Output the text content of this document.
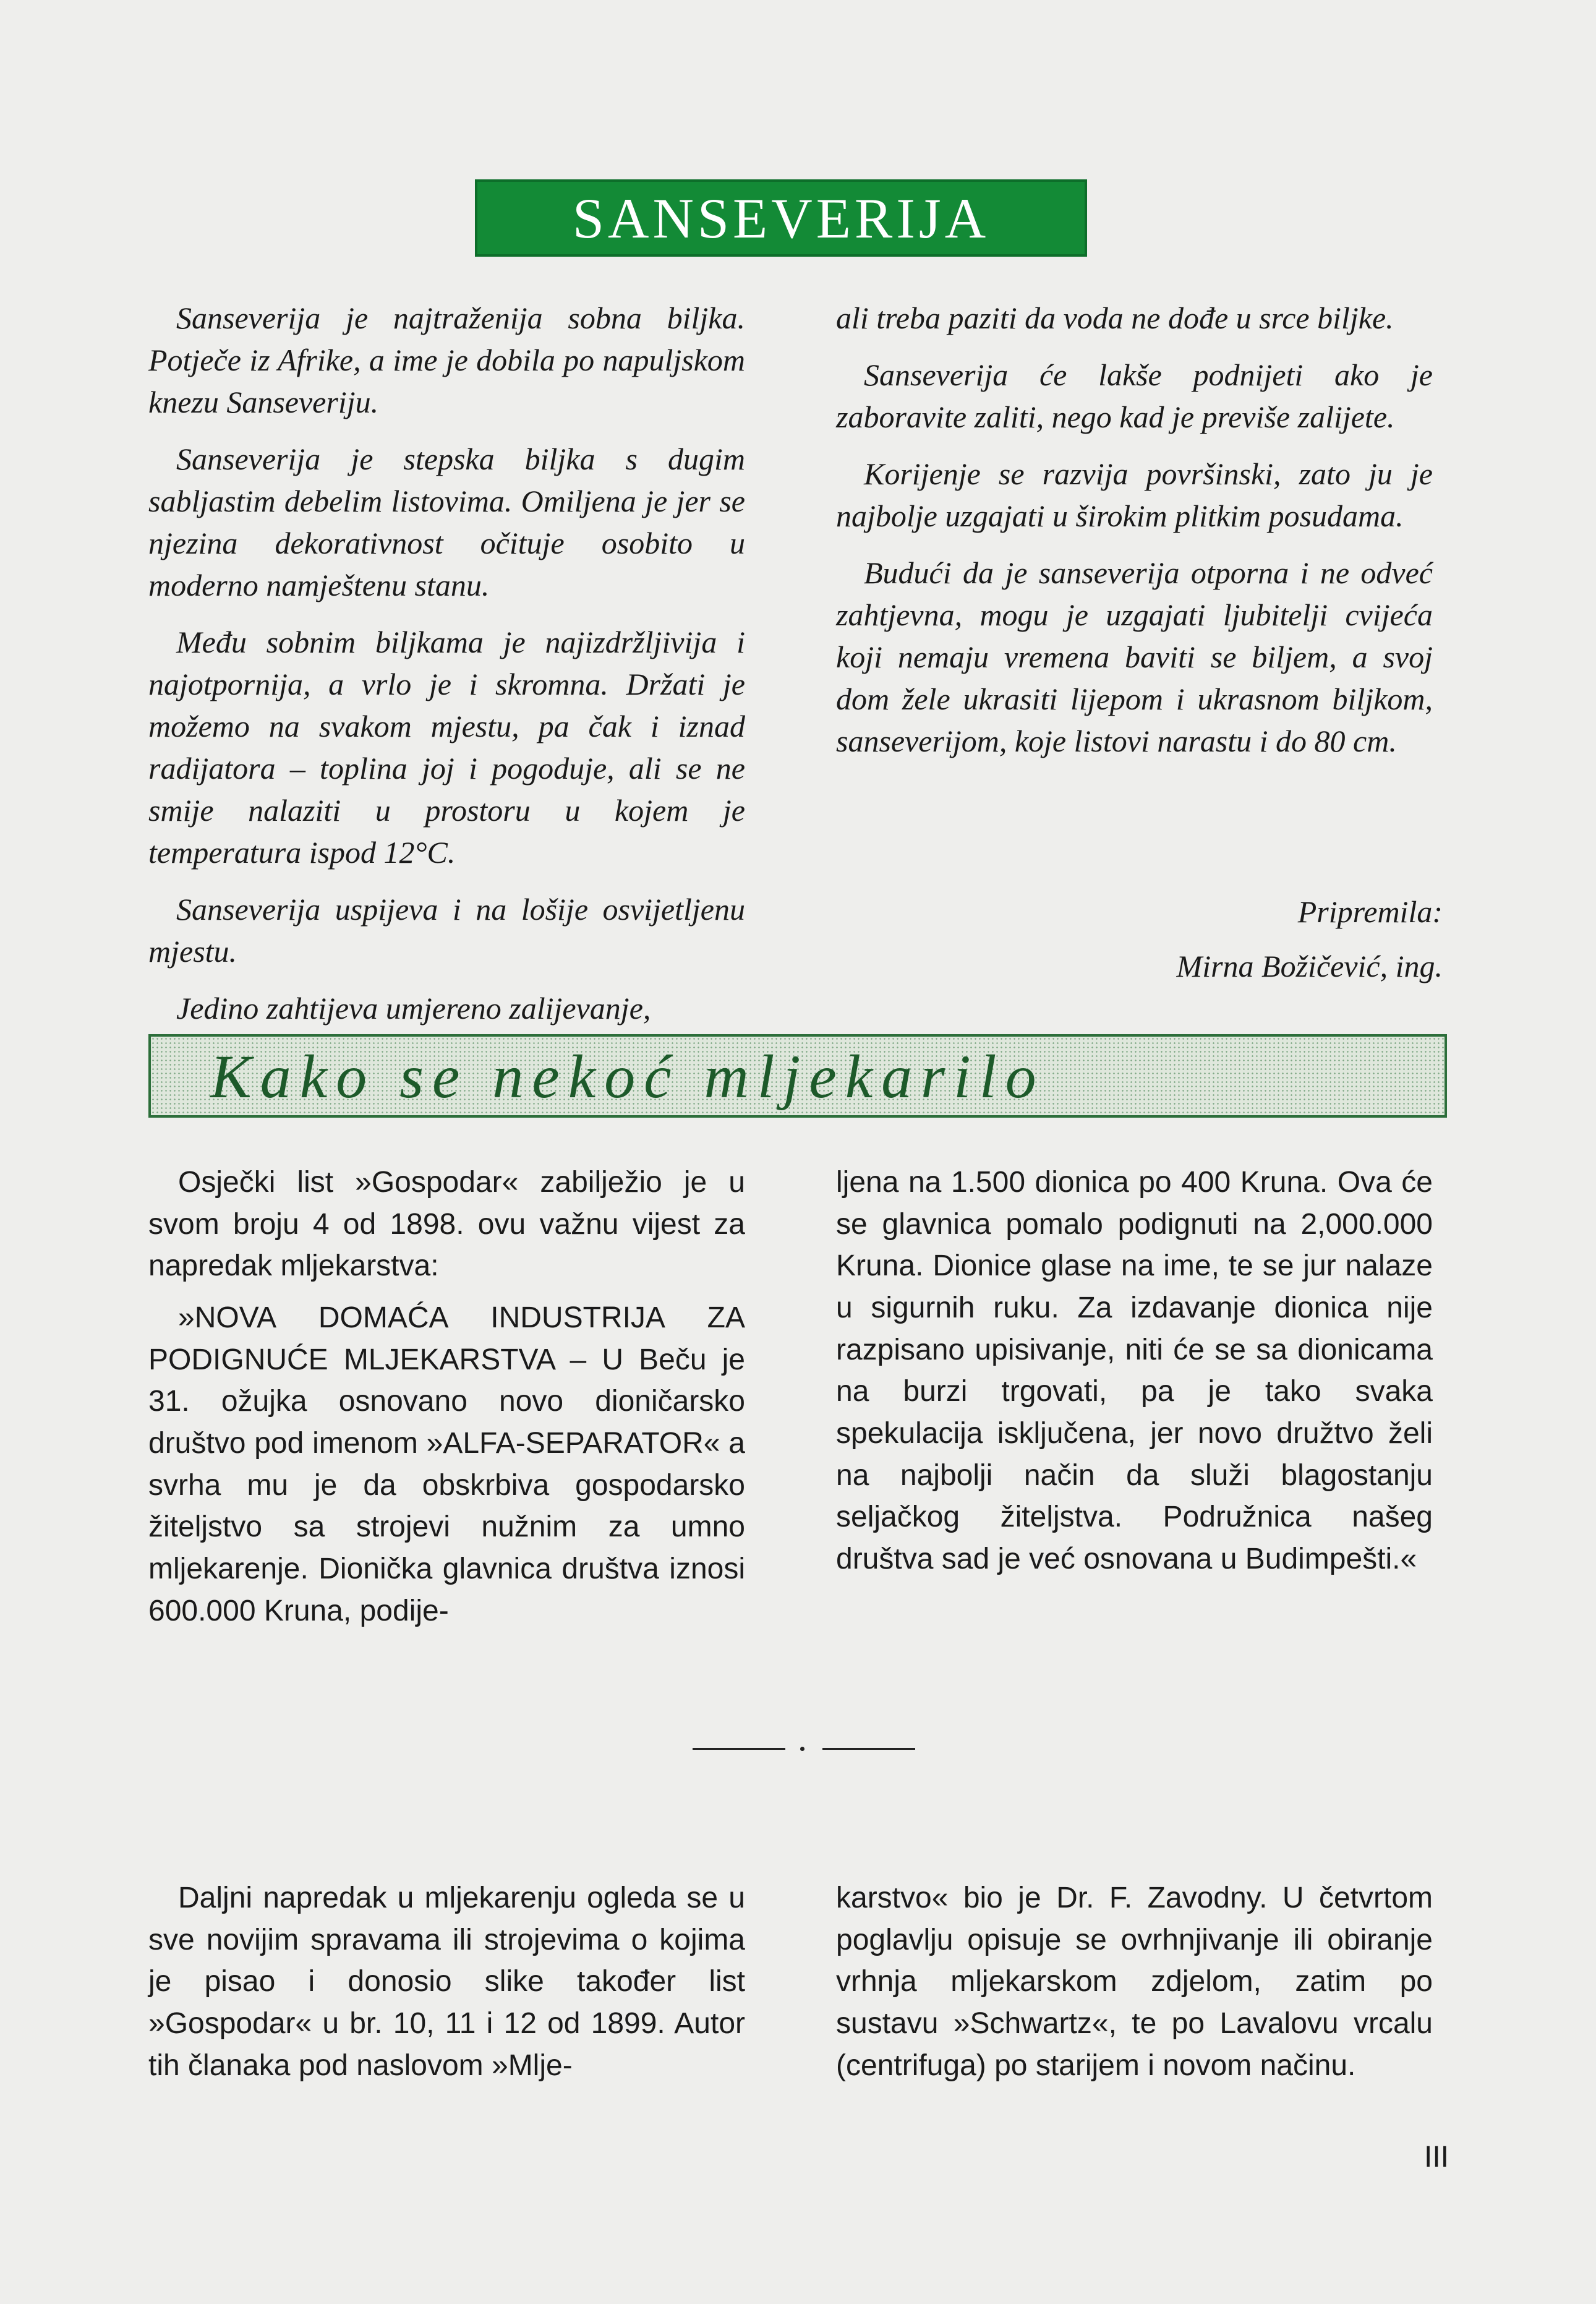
SANSEVERIJA

Sanseverija je najtraženija sobna biljka. Potječe iz Afrike, a ime je dobila po napuljskom knezu Sanseveriju.

Sanseverija je stepska biljka s dugim sabljastim debelim listovima. Omiljena je jer se njezina dekorativnost očituje osobito u moderno namještenu stanu.

Među sobnim biljkama je najizdržljivija i najotpornija, a vrlo je i skromna. Držati je možemo na svakom mjestu, pa čak i iznad radijatora – toplina joj i pogoduje, ali se ne smije nalaziti u prostoru u kojem je temperatura ispod 12°C.

Sanseverija uspijeva i na lošije osvijetljenu mjestu.

Jedino zahtijeva umjereno zalijevanje,

ali treba paziti da voda ne dođe u srce biljke.

Sanseverija će lakše podnijeti ako je zaboravite zaliti, nego kad je previše zalijete.

Korijenje se razvija površinski, zato ju je najbolje uzgajati u širokim plitkim posudama.

Budući da je sanseverija otporna i ne odveć zahtjevna, mogu je uzgajati ljubitelji cvijeća koji nemaju vremena baviti se biljem, a svoj dom žele ukrasiti lijepom i ukrasnom biljkom, sanseverijom, koje listovi narastu i do 80 cm.

Pripremila:
Mirna Božičević, ing.
Kako se nekoć mljekarilo

Osječki list »Gospodar« zabilježio je u svom broju 4 od 1898. ovu važnu vijest za napredak mljekarstva:

»NOVA DOMAĆA INDUSTRIJA ZA PODIGNUĆE MLJEKARSTVA – U Beču je 31. ožujka osnovano novo dioničarsko društvo pod imenom »ALFA-SEPARATOR« a svrha mu je da obskrbiva gospodarsko žiteljstvo sa strojevi nužnim za umno mljekarenje. Dionička glavnica društva iznosi 600.000 Kruna, podije-

ljena na 1.500 dionica po 400 Kruna. Ova će se glavnica pomalo podignuti na 2,000.000 Kruna. Dionice glase na ime, te se jur nalaze u sigurnih ruku. Za izdavanje dionica nije razpisano upisivanje, niti će se sa dionicama na burzi trgovati, pa je tako svaka spekulacija isključena, jer novo družtvo želi na najbolji način da služi blagostanju seljačkog žiteljstva. Podružnica našeg društva sad je već osnovana u Budimpešti.«

Daljni napredak u mljekarenju ogleda se u sve novijim spravama ili strojevima o kojima je pisao i donosio slike također list »Gospodar« u br. 10, 11 i 12 od 1899. Autor tih članaka pod naslovom »Mlje-

karstvo« bio je Dr. F. Zavodny. U četvrtom poglavlju opisuje se ovrhnjivanje ili obiranje vrhnja mljekarskom zdjelom, zatim po sustavu »Schwartz«, te po Lavalovu vrcalu (centrifuga) po starijem i novom načinu.

III
